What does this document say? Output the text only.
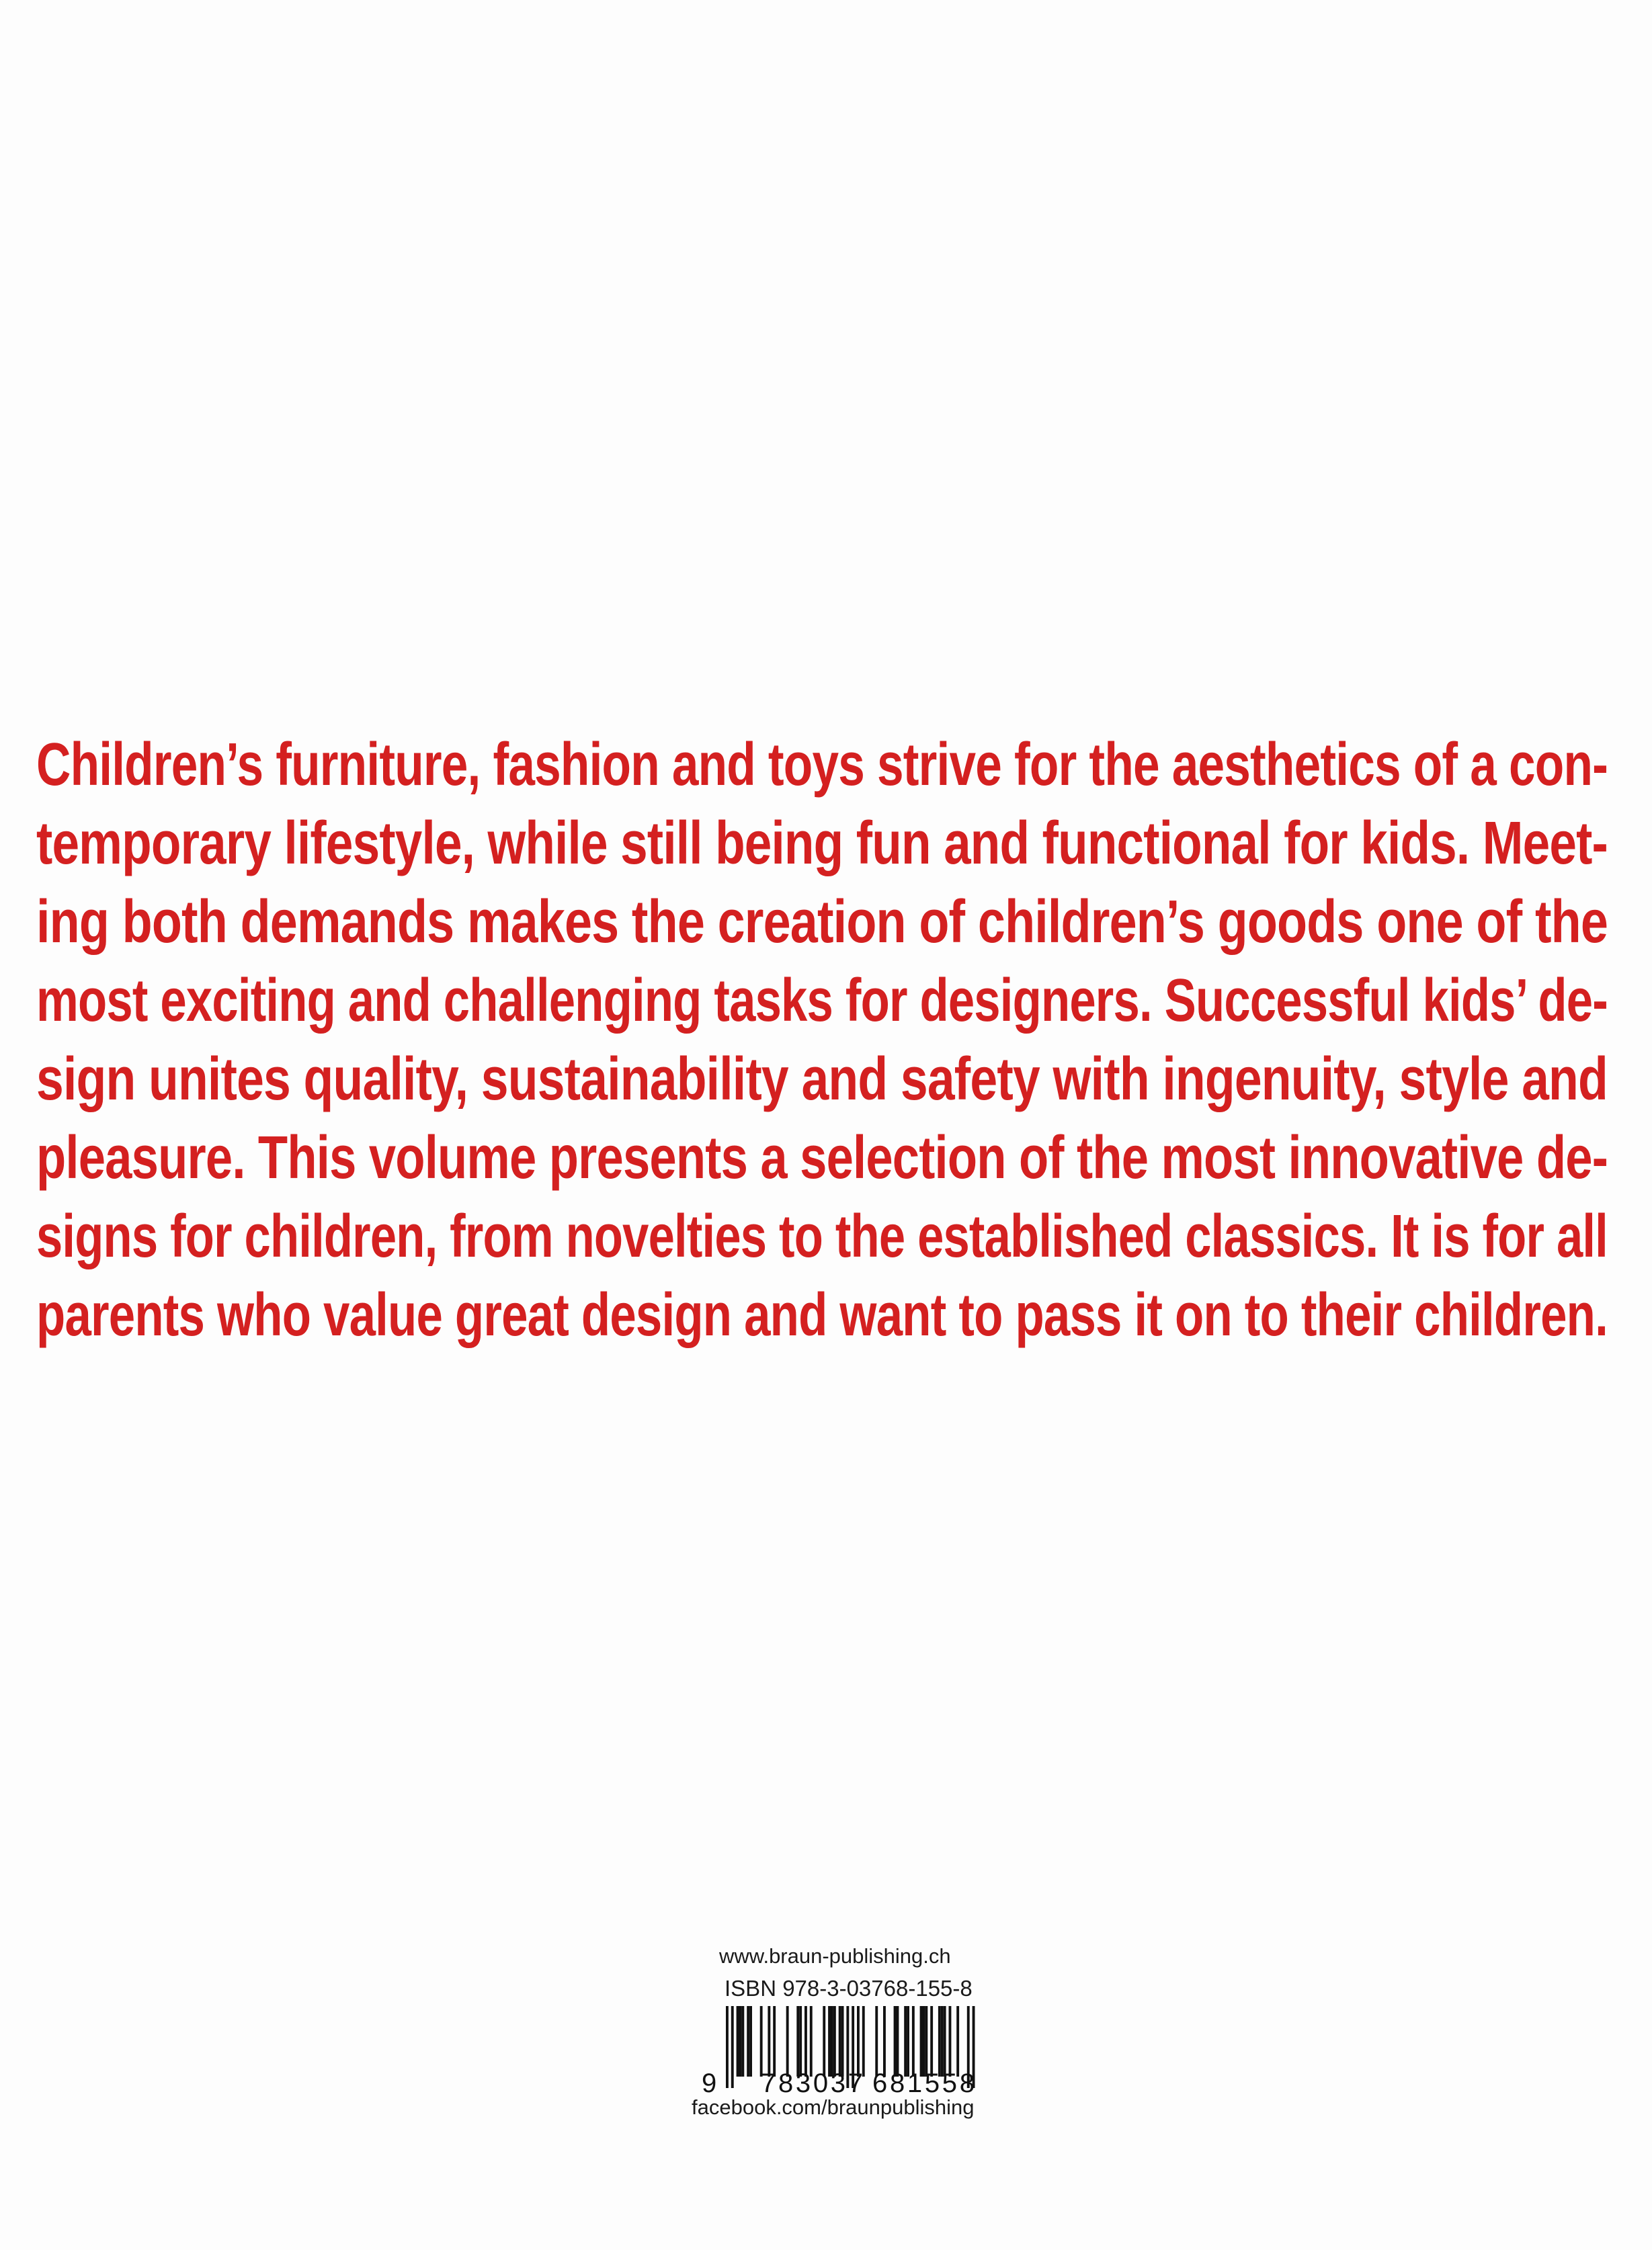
Children’s furniture, fashion and toys strive for the aesthetics of a con-
temporary lifestyle, while still being fun and functional for kids. Meet-
ing both demands makes the creation of children’s goods one of the
most exciting and challenging tasks for designers. Successful kids’ de-
sign unites quality, sustainability and safety with ingenuity, style and
pleasure. This volume presents a selection of the most innovative de-
signs for children, from novelties to the established classics. It is for all
parents who value great design and want to pass it on to their children.
www.braun-publishing.ch
ISBN 978-3-03768-155-8
9 783037 681558
facebook.com/braunpublishing
